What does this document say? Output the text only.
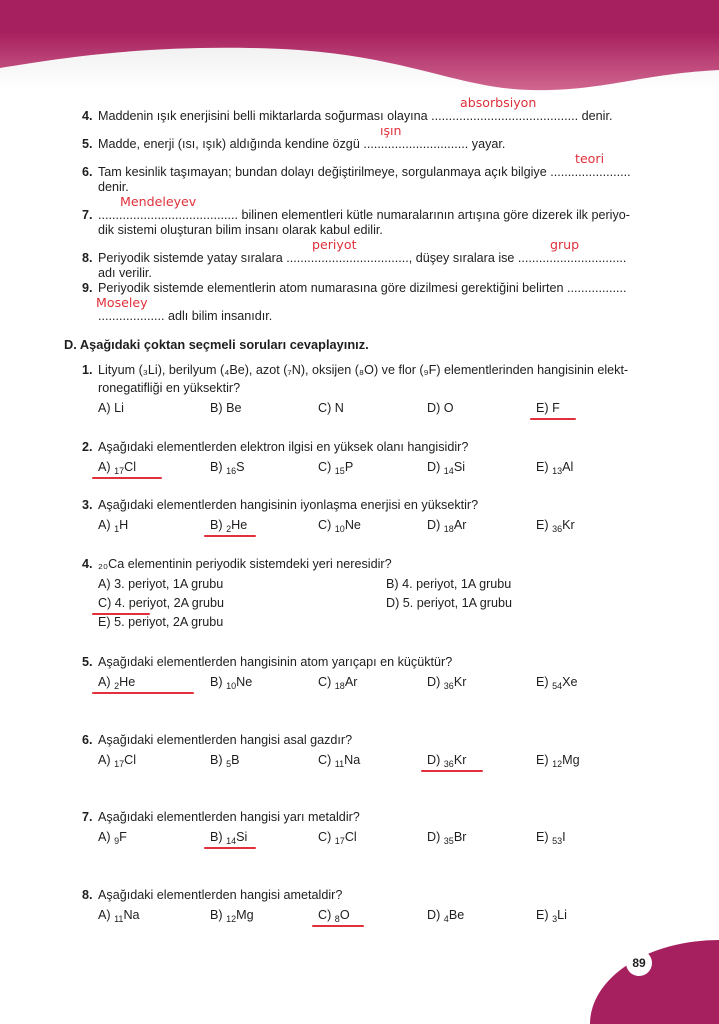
4. Maddenin ışık enerjisini belli miktarlarda soğurması olayına .......................................... denir.
absorbsiyon
5. Madde, enerji (ısı, ışık) aldığında kendine özgü .............................. yayar.
ışın
6. Tam kesinlik taşımayan; bundan dolayı değiştirilmeye, sorgulanmaya açık bilgiye .......................
denir.
teori
7. ........................................ bilinen elementleri kütle numaralarının artışına göre dizerek ilk periyo-
dik sistemi oluşturan bilim insanı olarak kabul edilir.
Mendeleyev
8. Periyodik sistemde yatay sıralara ..................................., düşey sıralara ise ...............................
adı verilir.
periyot	grup
9. Periyodik sistemde elementlerin atom numarasına göre dizilmesi gerektiğini belirten .................
................... adlı bilim insanıdır.
Moseley
D. Aşağıdaki çoktan seçmeli soruları cevaplayınız.
1. Lityum (₃Li), berilyum (₄Be), azot (₇N), oksijen (₈O) ve flor (₉F) elementlerinden hangisinin elekt-
ronegatifliği en yüksektir?
A) Li	B) Be	C) N	D) O	E) F
2. Aşağıdaki elementlerden elektron ilgisi en yüksek olanı hangisidir?
A) $_{17}$Cl	B) $_{16}$S	C) $_{15}$P	D) $_{14}$Si	E) $_{13}$Al
3. Aşağıdaki elementlerden hangisinin iyonlaşma enerjisi en yüksektir?
A) $_1$H	B) $_2$He	C) $_{10}$Ne	D) $_{18}$Ar	E) $_{36}$Kr
4. ₂₀Ca elementinin periyodik sistemdeki yeri neresidir?
A) 3. periyot, 1A grubu	B) 4. periyot, 1A grubu
C) 4. periyot, 2A grubu	D) 5. periyot, 1A grubu
E) 5. periyot, 2A grubu
5. Aşağıdaki elementlerden hangisinin atom yarıçapı en küçüktür?
A) $_2$He	B) $_{10}$Ne	C) $_{18}$Ar	D) $_{36}$Kr	E) $_{54}$Xe
6. Aşağıdaki elementlerden hangisi asal gazdır?
A) $_{17}$Cl	B) $_5$B	C) $_{11}$Na	D) $_{36}$Kr	E) $_{12}$Mg
7. Aşağıdaki elementlerden hangisi yarı metaldir?
A) $_9$F	B) $_{14}$Si	C) $_{17}$Cl	D) $_{35}$Br	E) $_{53}$I
8. Aşağıdaki elementlerden hangisi ametaldir?
A) $_{11}$Na	B) $_{12}$Mg	C) $_8$O	D) $_4$Be	E) $_3$Li
89
